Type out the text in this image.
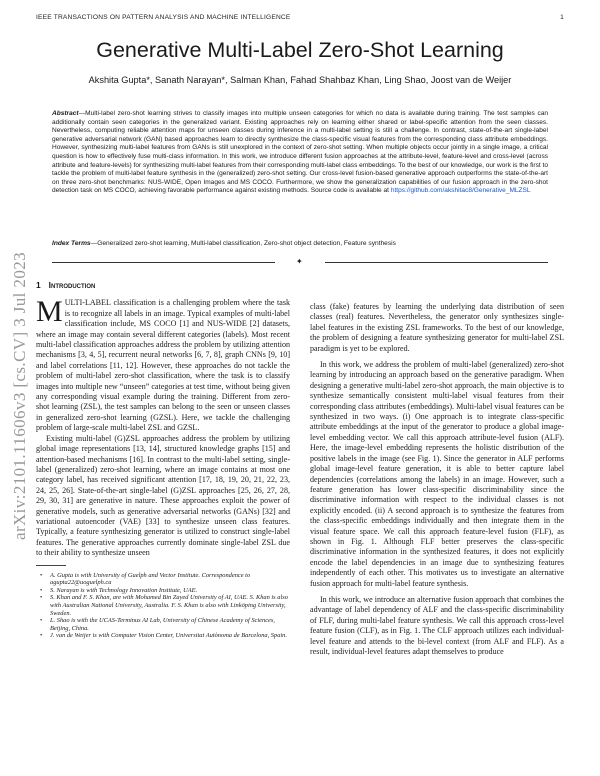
IEEE TRANSACTIONS ON PATTERN ANALYSIS AND MACHINE INTELLIGENCE	1
Generative Multi-Label Zero-Shot Learning
Akshita Gupta*, Sanath Narayan*, Salman Khan, Fahad Shahbaz Khan, Ling Shao, Joost van de Weijer
Abstract—Multi-label zero-shot learning strives to classify images into multiple unseen categories for which no data is available during training. The test samples can additionally contain seen categories in the generalized variant. Existing approaches rely on learning either shared or label-specific attention from the seen classes. Nevertheless, computing reliable attention maps for unseen classes during inference in a multi-label setting is still a challenge. In contrast, state-of-the-art single-label generative adversarial network (GAN) based approaches learn to directly synthesize the class-specific visual features from the corresponding class attribute embeddings. However, synthesizing multi-label features from GANs is still unexplored in the context of zero-shot setting. When multiple objects occur jointly in a single image, a critical question is how to effectively fuse multi-class information. In this work, we introduce different fusion approaches at the attribute-level, feature-level and cross-level (across attribute and feature-levels) for synthesizing multi-label features from their corresponding multi-label class embeddings. To the best of our knowledge, our work is the first to tackle the problem of multi-label feature synthesis in the (generalized) zero-shot setting. Our cross-level fusion-based generative approach outperforms the state-of-the-art on three zero-shot benchmarks: NUS-WIDE, Open Images and MS COCO. Furthermore, we show the generalization capabilities of our fusion approach in the zero-shot detection task on MS COCO, achieving favorable performance against existing methods. Source code is available at https://github.com/akshitac8/Generative_MLZSL
Index Terms—Generalized zero-shot learning, Multi-label classification, Zero-shot object detection, Feature synthesis
✦
arXiv:2101.11606v3 [cs.CV] 3 Jul 2023 1 Introduction

MULTI-LABEL classification is a challenging problem where the task is to recognize all labels in an image. Typical examples of multi-label classification include, MS COCO [1] and NUS-WIDE [2] datasets, where an image may contain several different categories (labels). Most recent multi-label classification approaches address the problem by utilizing attention mechanisms [3, 4, 5], recurrent neural networks [6, 7, 8], graph CNNs [9, 10] and label correlations [11, 12]. However, these approaches do not tackle the problem of multi-label zero-shot classification, where the task is to classify images into multiple new “unseen” categories at test time, without being given any corresponding visual example during the training. Different from zero-shot learning (ZSL), the test samples can belong to the seen or unseen classes in generalized zero-shot learning (GZSL). Here, we tackle the challenging problem of large-scale multi-label ZSL and GZSL.

Existing multi-label (G)ZSL approaches address the problem by utilizing global image representations [13, 14], structured knowledge graphs [15] and attention-based mechanisms [16]. In contrast to the multi-label setting, single-label (generalized) zero-shot learning, where an image contains at most one category label, has received significant attention [17, 18, 19, 20, 21, 22, 23, 24, 25, 26]. State-of-the-art single-label (G)ZSL approaches [25, 26, 27, 28, 29, 30, 31] are generative in nature. These approaches exploit the power of generative models, such as generative adversarial networks (GANs) [32] and variational autoencoder (VAE) [33] to synthesize unseen class features. Typically, a feature synthesizing generator is utilized to construct single-label features. The generative approaches currently dominate single-label ZSL due to their ability to synthesize unseen

• A. Gupta is with University of Guelph and Vector Institute. Correspondence to agupta22@uoguelph.ca
• S. Narayan is with Technology Innovation Institute, UAE.
• S. Khan and F. S. Khan, are with Mohamed Bin Zayed University of AI, UAE. S. Khan is also with Australian National University, Australia. F. S. Khan is also with Linköping University, Sweden.
• L. Shao is with the UCAS-Terminus AI Lab, University of Chinese Academy of Sciences, Beijing, China.
• J. van de Weijer is with Computer Vision Center, Universitat Autònoma de Barcelona, Spain.

class (fake) features by learning the underlying data distribution of seen classes (real) features. Nevertheless, the generator only synthesizes single-label features in the existing ZSL frameworks. To the best of our knowledge, the problem of designing a feature synthesizing generator for multi-label ZSL paradigm is yet to be explored.

In this work, we address the problem of multi-label (generalized) zero-shot learning by introducing an approach based on the generative paradigm. When designing a generative multi-label zero-shot approach, the main objective is to synthesize semantically consistent multi-label visual features from their corresponding class attributes (embeddings). Multi-label visual features can be synthesized in two ways. (i) One approach is to integrate class-specific attribute embeddings at the input of the generator to produce a global image-level embedding vector. We call this approach attribute-level fusion (ALF). Here, the image-level embedding represents the holistic distribution of the positive labels in the image (see Fig. 1). Since the generator in ALF performs global image-level feature generation, it is able to better capture label dependencies (correlations among the labels) in an image. However, such a feature generation has lower class-specific discriminability since the discriminative information with respect to the individual classes is not explicitly encoded. (ii) A second approach is to synthesize the features from the class-specific embeddings individually and then integrate them in the visual feature space. We call this approach feature-level fusion (FLF), as shown in Fig. 1. Although FLF better preserves the class-specific discriminative information in the synthesized features, it does not explicitly encode the label dependencies in an image due to synthesizing features independently of each other. This motivates us to investigate an alternative fusion approach for multi-label feature synthesis.

In this work, we introduce an alternative fusion approach that combines the advantage of label dependency of ALF and the class-specific discriminability of FLF, during multi-label feature synthesis. We call this approach cross-level feature fusion (CLF), as in Fig. 1. The CLF approach utilizes each individual-level feature and attends to the bi-level context (from ALF and FLF). As a result, individual-level features adapt themselves to produce
